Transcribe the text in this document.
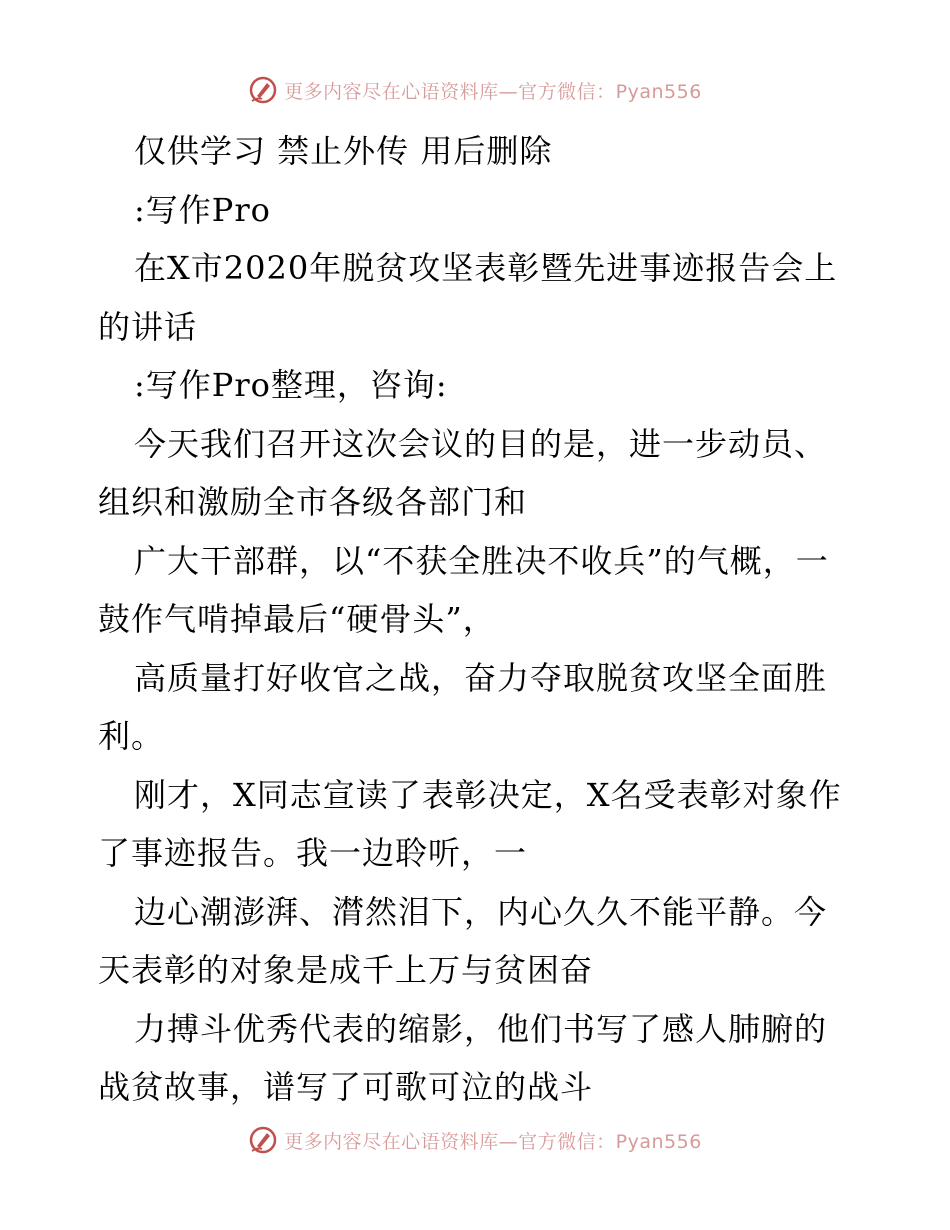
更多内容尽在心语资料库—官方微信：Pyan556

仅供学习 禁止外传 用后删除

:写作Pro

在X市2020年脱贫攻坚表彰暨先进事迹报告会上的讲话

:写作Pro整理，咨询:

今天我们召开这次会议的目的是，进一步动员、组织和激励全市各级各部门和

广大干部群，以“不获全胜决不收兵”的气概，一鼓作气啃掉最后“硬骨头”，

高质量打好收官之战，奋力夺取脱贫攻坚全面胜利。

刚才，X同志宣读了表彰决定，X名受表彰对象作了事迹报告。我一边聆听，一

边心潮澎湃、潸然泪下，内心久久不能平静。今天表彰的对象是成千上万与贫困奋

力搏斗优秀代表的缩影，他们书写了感人肺腑的战贫故事，谱写了可歌可泣的战斗

更多内容尽在心语资料库—官方微信：Pyan556
